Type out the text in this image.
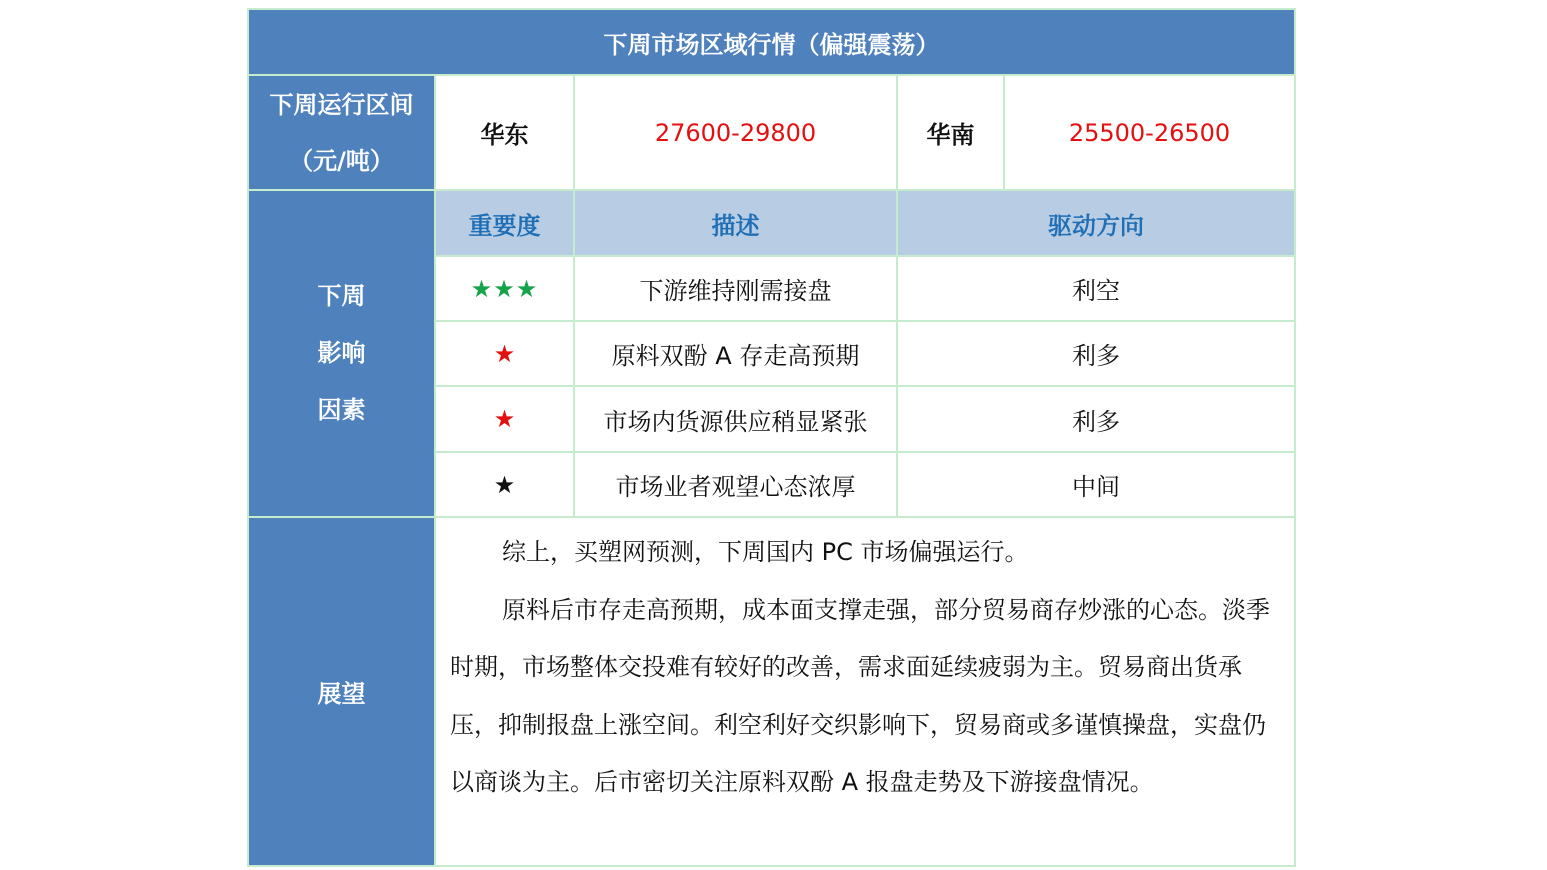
下周市场区域行情（偏强震荡）				

下周运行区间
（元/吨）	华东	27600-29800	华南	25500-26500

下周
影响
因素	重要度	描述	驱动方向	
	★★★	下游维持刚需接盘	利空	
	★	原料双酚 A 存走高预期	利多	
	★	市场内货源供应稍显紧张	利多	
	★	市场业者观望心态浓厚	中间	
展望	综上，买塑网预测，下周国内 PC 市场偏强运行。

原料后市存走高预期，成本面支撑走强，部分贸易商存炒涨的心态。淡季时期，市场整体交投难有较好的改善，需求面延续疲弱为主。贸易商出货承压，抑制报盘上涨空间。利空利好交织影响下，贸易商或多谨慎操盘，实盘仍以商谈为主。后市密切关注原料双酚 A 报盘走势及下游接盘情况。			
